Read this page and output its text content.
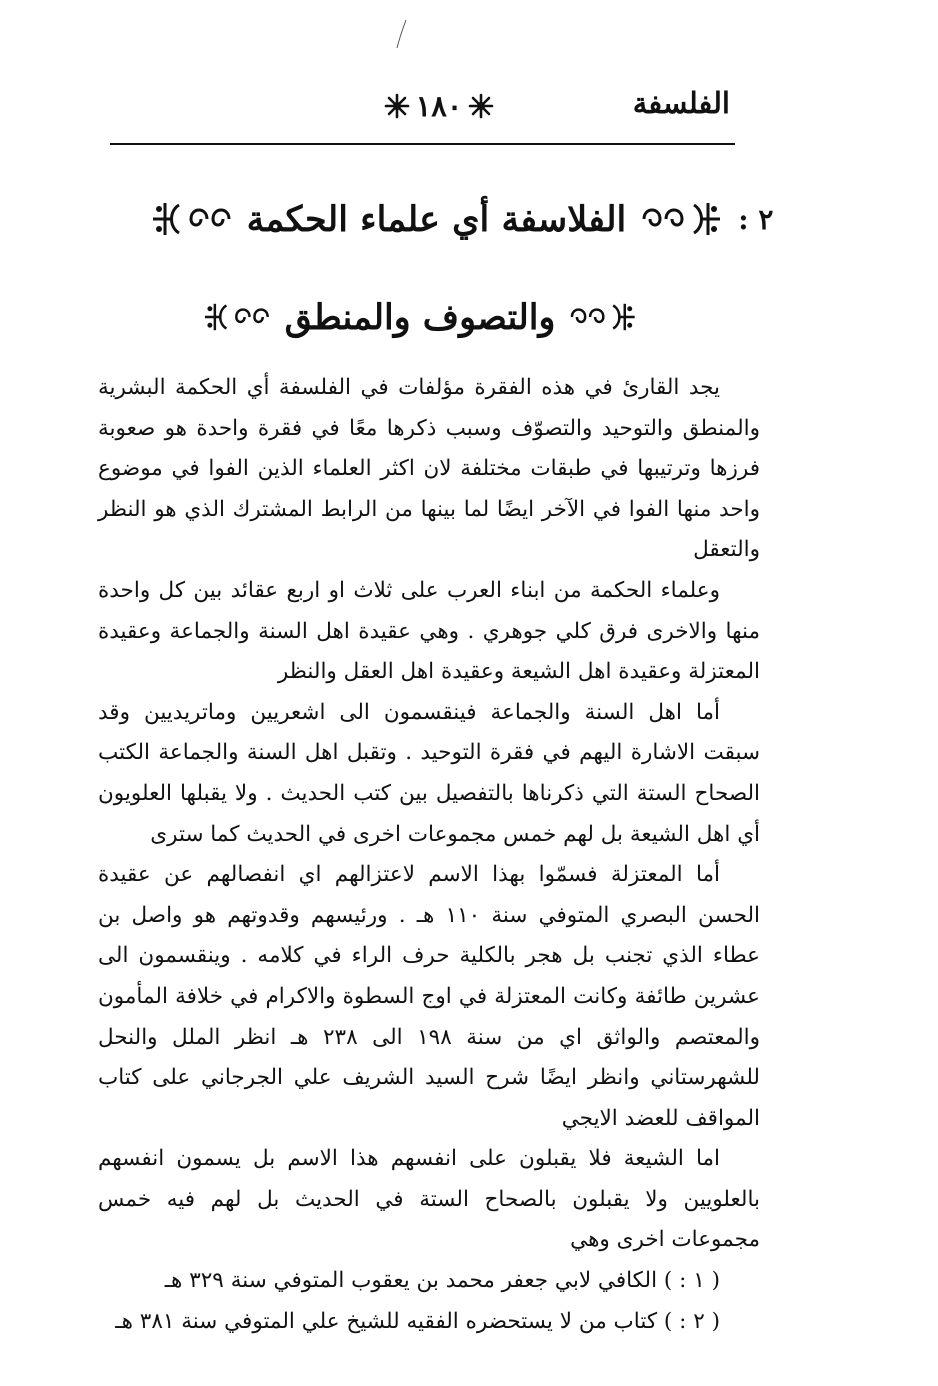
الفلسفة
١٨٠
٢ :
الفلاسفة أي علماء الحكمة
والتصوف والمنطق

يجد القارئ في هذه الفقرة مؤلفات في الفلسفة أي الحكمة البشرية والمنطق والتوحيد والتصوّف وسبب ذكرها معًا في فقرة واحدة هو صعوبة فرزها وترتيبها في طبقات مختلفة لان اكثر العلماء الذين الفوا في موضوع واحد منها الفوا في الآخر ايضًا لما بينها من الرابط المشترك الذي هو النظر والتعقل

وعلماء الحكمة من ابناء العرب على ثلاث او اربع عقائد بين كل واحدة منها والاخرى فرق كلي جوهري . وهي عقيدة اهل السنة والجماعة وعقيدة المعتزلة وعقيدة اهل الشيعة وعقيدة اهل العقل والنظر

أما اهل السنة والجماعة فينقسمون الى اشعريين وماتريديين وقد سبقت الاشارة اليهم في فقرة التوحيد . وتقبل اهل السنة والجماعة الكتب الصحاح الستة التي ذكرناها بالتفصيل بين كتب الحديث . ولا يقبلها العلويون أي اهل الشيعة بل لهم خمس مجموعات اخرى في الحديث كما سترى

أما المعتزلة فسمّوا بهذا الاسم لاعتزالهم اي انفصالهم عن عقيدة الحسن البصري المتوفي سنة ١١٠ هـ . ورئيسهم وقدوتهم هو واصل بن عطاء الذي تجنب بل هجر بالكلية حرف الراء في كلامه . وينقسمون الى عشرين طائفة وكانت المعتزلة في اوج السطوة والاكرام في خلافة المأمون والمعتصم والواثق اي من سنة ١٩٨ الى ٢٣٨ هـ انظر الملل والنحل للشهرستاني وانظر ايضًا شرح السيد الشريف علي الجرجاني على كتاب المواقف للعضد الايجي

اما الشيعة فلا يقبلون على انفسهم هذا الاسم بل يسمون انفسهم بالعلويين ولا يقبلون بالصحاح الستة في الحديث بل لهم فيه خمس مجموعات اخرى وهي

( ١ : ) الكافي لابي جعفر محمد بن يعقوب المتوفي سنة ٣٢٩ هـ
( ٢ : ) كتاب من لا يستحضره الفقيه للشيخ علي المتوفي سنة ٣٨١ هـ
